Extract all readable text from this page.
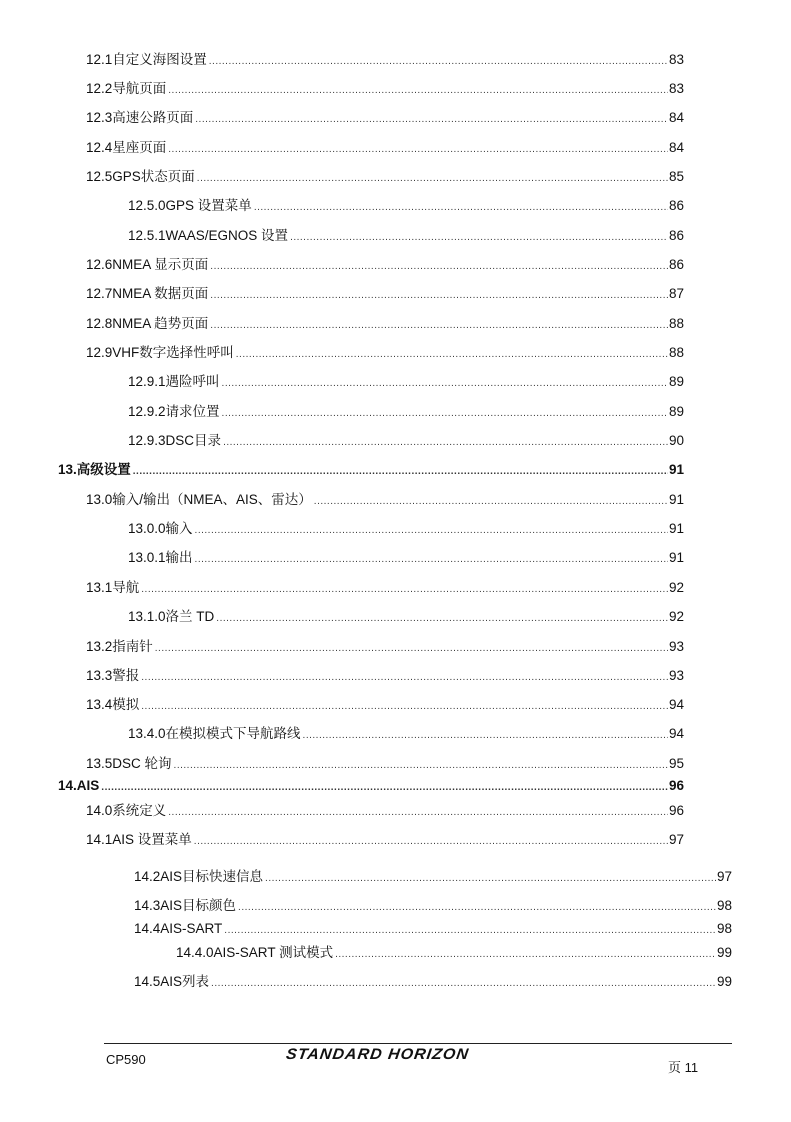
12.1 自定义海图设置 .....	83
12.2 导航页面 .....	83
12.3 高速公路页面 .....	84
12.4 星座页面 .....	84
12.5 GPS状态页面 .....	85
12.5.0 GPS 设置菜单 .....	86
12.5.1 WAAS/EGNOS 设置 .....	86
12.6 NMEA 显示页面 .....	86
12.7 NMEA 数据页面 .....	87
12.8 NMEA 趋势页面 .....	88
12.9 VHF数字选择性呼叫 .....	88
12.9.1 遇险呼叫 .....	89
12.9.2 请求位置 .....	89
12.9.3 DSC目录 .....	90
13. 高级设置 .....	91
13.0 输入/输出（NMEA、AIS、雷达） .....	91
13.0.0 输入 .....	91
13.0.1 输出 .....	91
13.1 导航 .....	92
13.1.0 洛兰 TD .....	92
13.2 指南针 .....	93
13.3 警报 .....	93
13.4 模拟 .....	94
13.4.0 在模拟模式下导航路线 .....	94
13.5 DSC 轮询 .....	95
14. AIS .....	96
14.0 系统定义 .....	96
14.1 AIS 设置菜单 .....	97
14.2 AIS目标快速信息 .....	97
14.3 AIS目标颜色 .....	98
14.4 AIS-SART .....	98
14.4.0 AIS-SART 测试模式 .....	99
14.5 AIS列表 .....	99
CP590	STANDARD HORIZON
页 11
